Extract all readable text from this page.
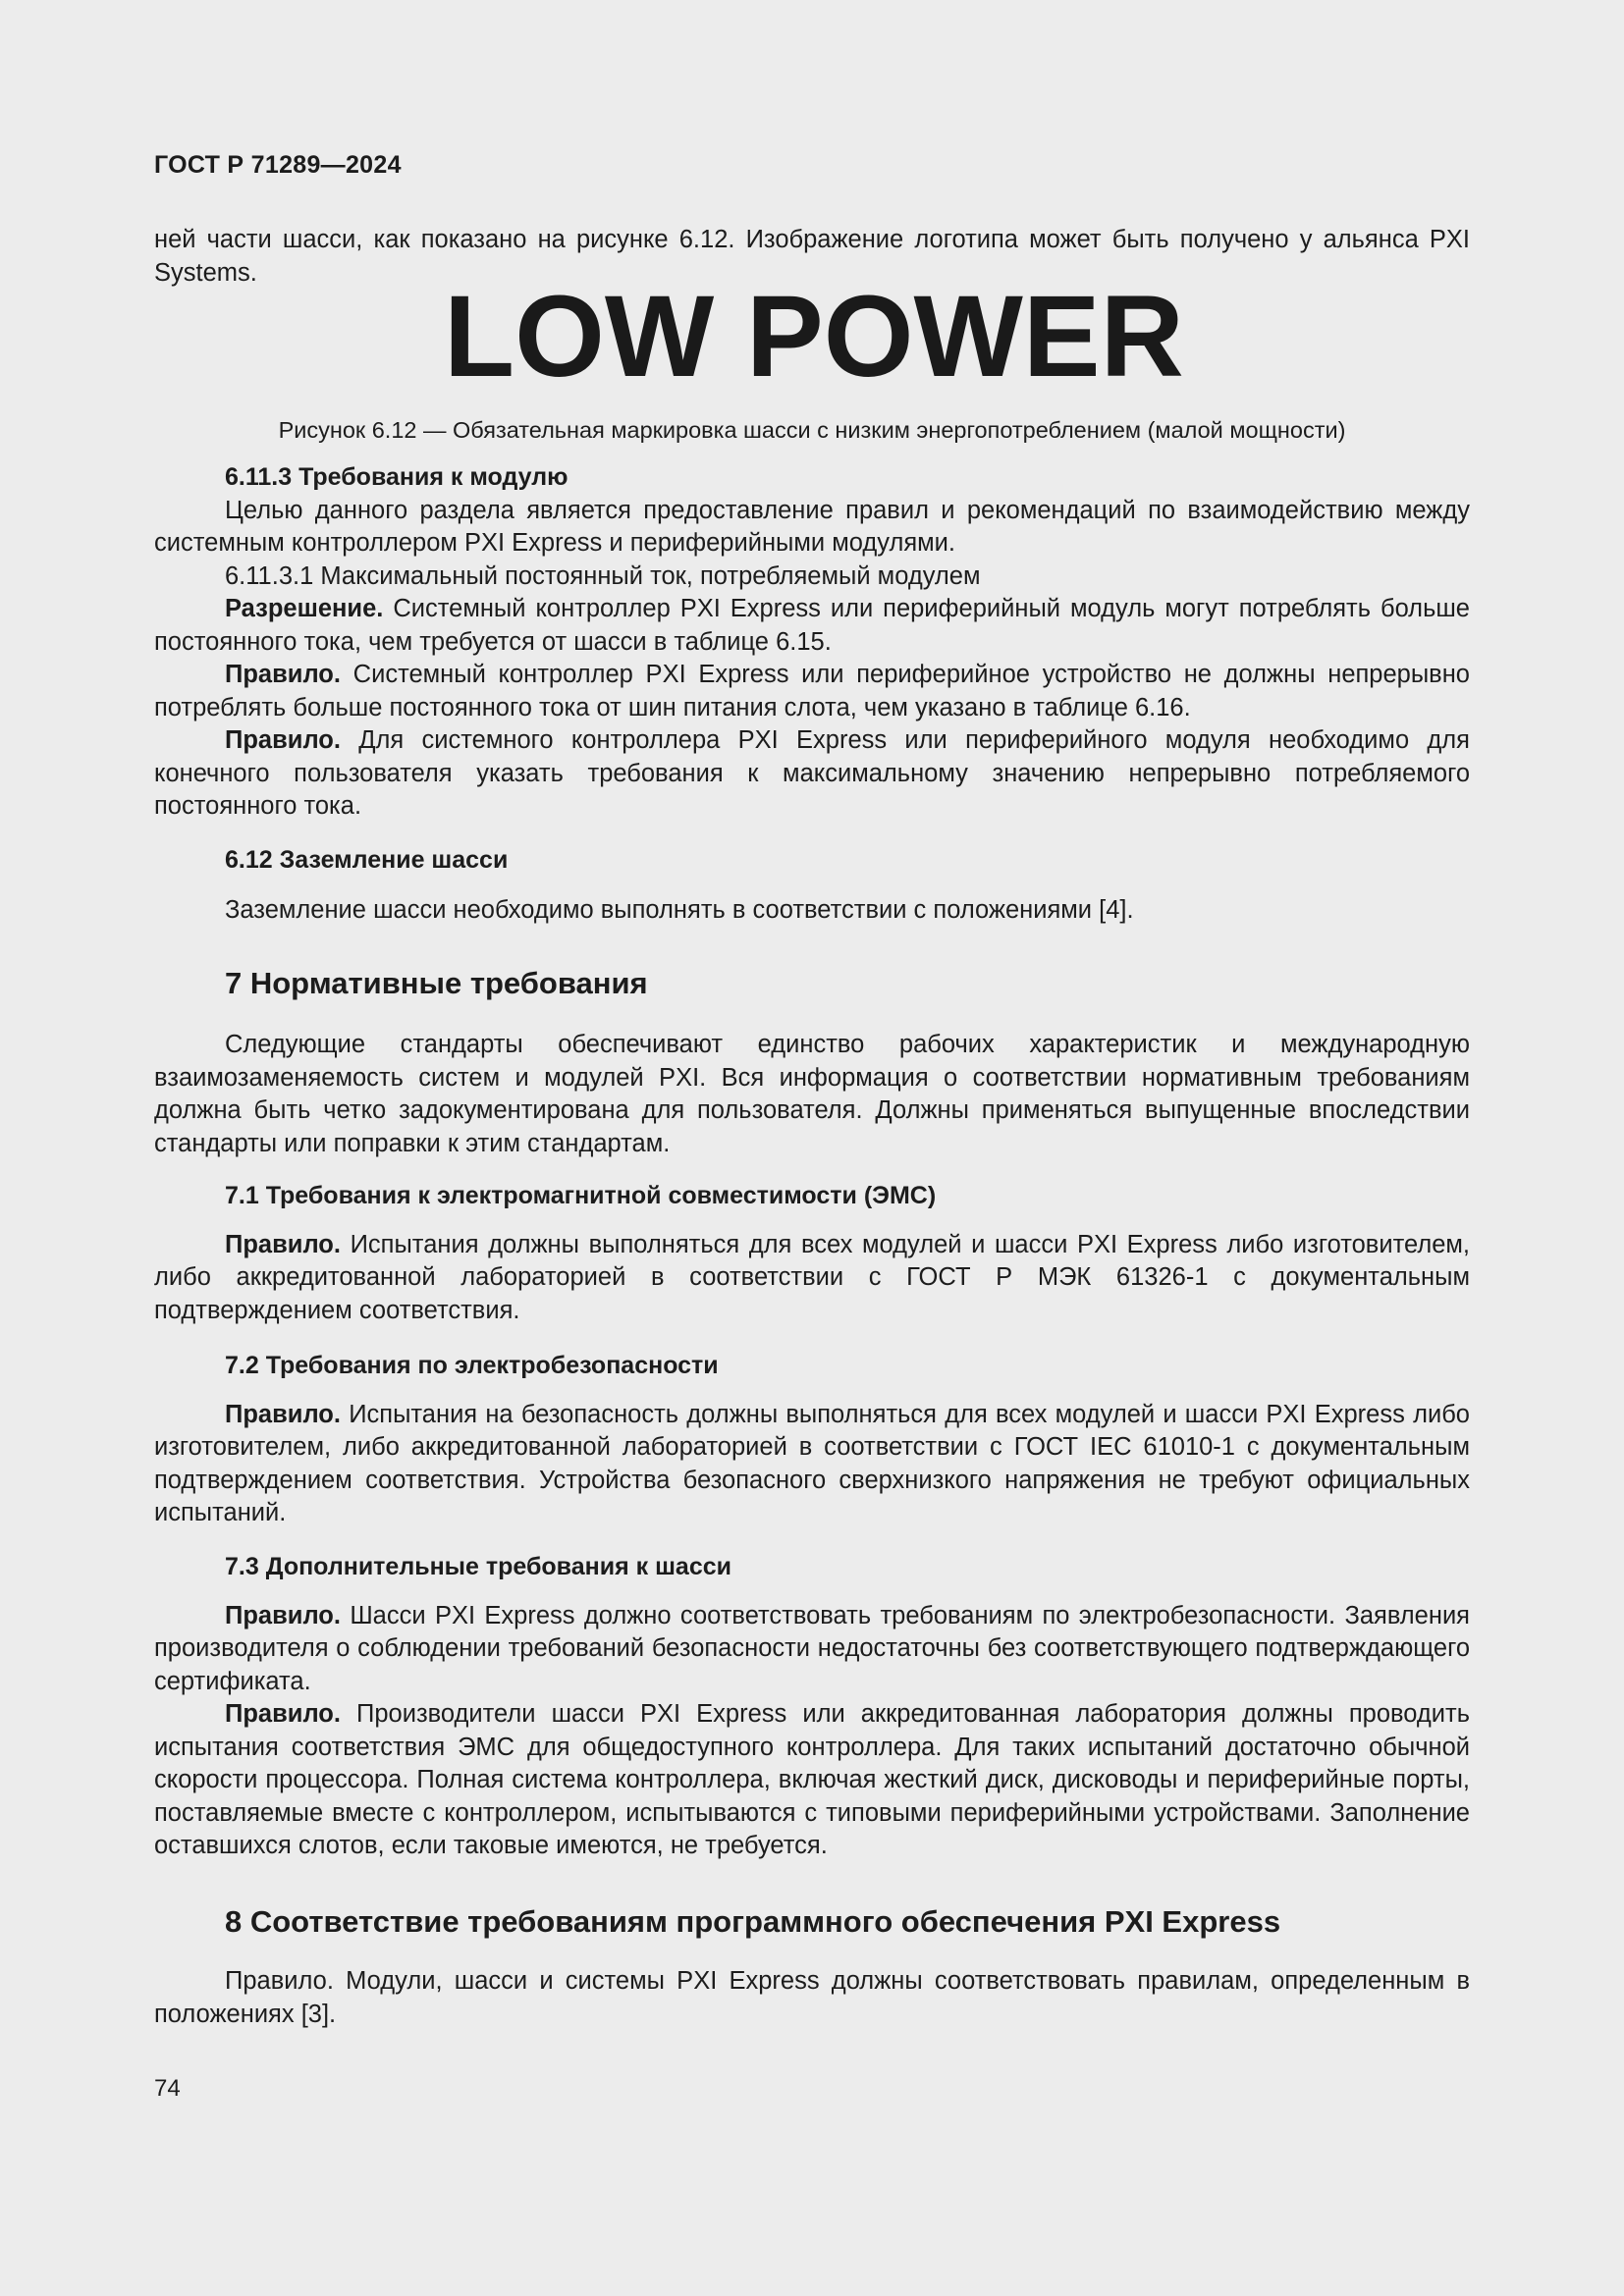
ГОСТ Р 71289—2024

ней части шасси, как показано на рисунке 6.12. Изображение логотипа может быть получено у альянса PXI Systems.	LOW POWER
Рисунок 6.12 — Обязательная маркировка шасси с низким энергопотреблением (малой мощности)
6.11.3 Требования к модулю

Целью данного раздела является предоставление правил и рекомендаций по взаимодействию между системным контроллером PXI Express и периферийными модулями.

6.11.3.1 Максимальный постоянный ток, потребляемый модулем

Разрешение. Системный контроллер PXI Express или периферийный модуль могут потреблять больше постоянного тока, чем требуется от шасси в таблице 6.15.

Правило. Системный контроллер PXI Express или периферийное устройство не должны непрерывно потреблять больше постоянного тока от шин питания слота, чем указано в таблице 6.16.

Правило. Для системного контроллера PXI Express или периферийного модуля необходимо для конечного пользователя указать требования к максимальному значению непрерывно потребляемого постоянного тока.

6.12 Заземление шасси

Заземление шасси необходимо выполнять в соответствии с положениями [4].

7 Нормативные требования

Следующие стандарты обеспечивают единство рабочих характеристик и международную взаимозаменяемость систем и модулей PXI. Вся информация о соответствии нормативным требованиям должна быть четко задокументирована для пользователя. Должны применяться выпущенные впоследствии стандарты или поправки к этим стандартам.

7.1 Требования к электромагнитной совместимости (ЭМС)

Правило. Испытания должны выполняться для всех модулей и шасси PXI Express либо изготовителем, либо аккредитованной лабораторией в соответствии с ГОСТ Р МЭК 61326-1 с документальным подтверждением соответствия.

7.2 Требования по электробезопасности

Правило. Испытания на безопасность должны выполняться для всех модулей и шасси PXI Express либо изготовителем, либо аккредитованной лабораторией в соответствии с ГОСТ IEC 61010-1 с документальным подтверждением соответствия. Устройства безопасного сверхнизкого напряжения не требуют официальных испытаний.

7.3 Дополнительные требования к шасси

Правило. Шасси PXI Express должно соответствовать требованиям по электробезопасности. Заявления производителя о соблюдении требований безопасности недостаточны без соответствующего подтверждающего сертификата.

Правило. Производители шасси PXI Express или аккредитованная лаборатория должны проводить испытания соответствия ЭМС для общедоступного контроллера. Для таких испытаний достаточно обычной скорости процессора. Полная система контроллера, включая жесткий диск, дисководы и периферийные порты, поставляемые вместе с контроллером, испытываются с типовыми периферийными устройствами. Заполнение оставшихся слотов, если таковые имеются, не требуется.

8 Соответствие требованиям программного обеспечения PXI Express

Правило. Модули, шасси и системы PXI Express должны соответствовать правилам, определенным в положениях [3].

74
